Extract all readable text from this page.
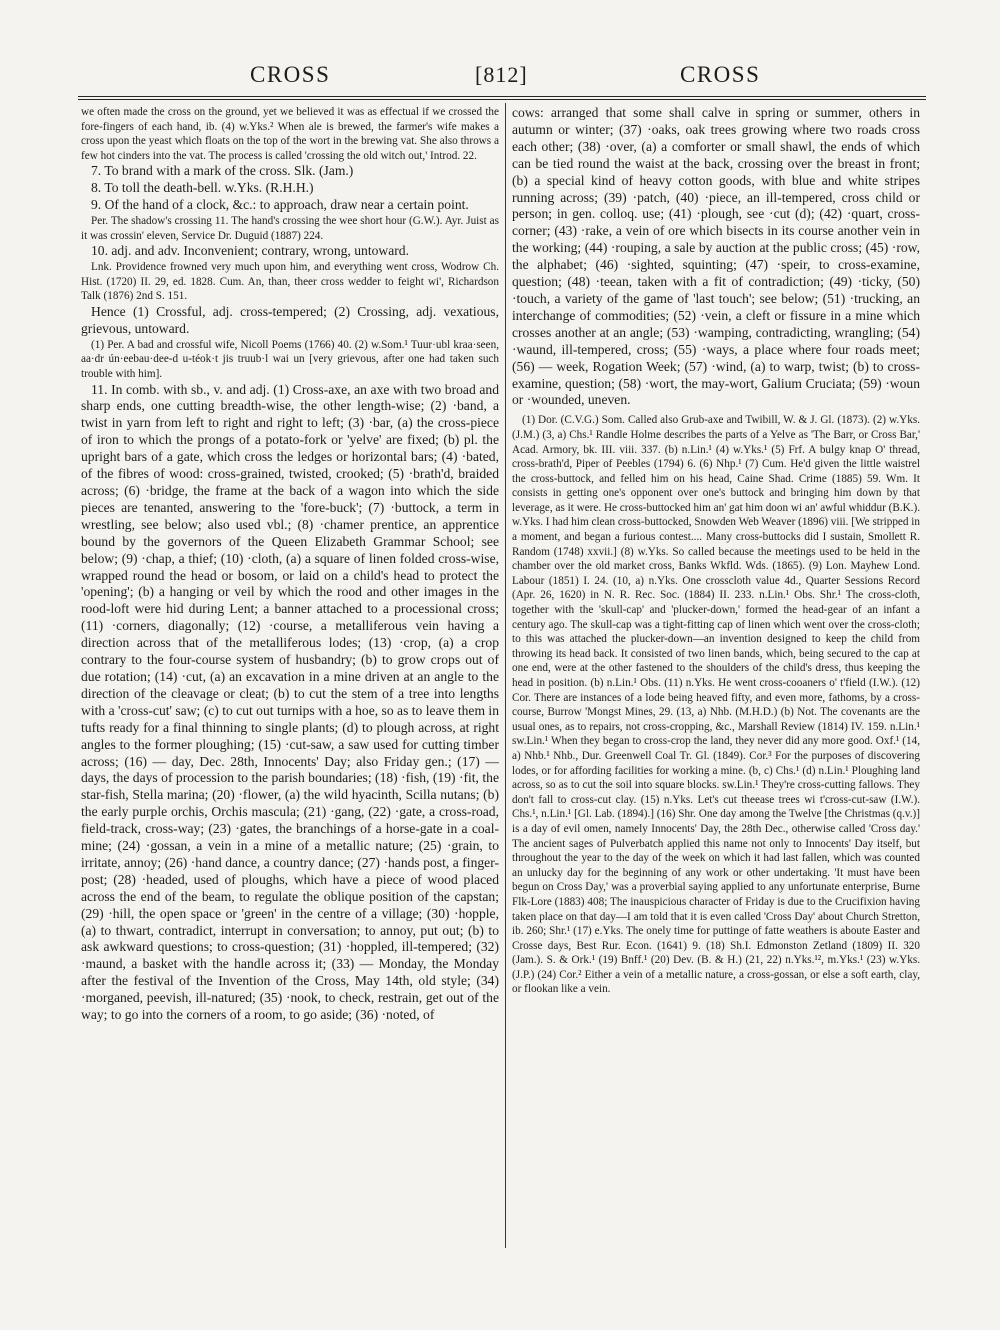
CROSS	[812]	CROSS

we often made the cross on the ground, yet we believed it was as effectual if we crossed the fore-fingers of each hand, ib. (4) w.Yks.² When ale is brewed, the farmer's wife makes a cross upon the yeast which floats on the top of the wort in the brewing vat. She also throws a few hot cinders into the vat. The process is called 'crossing the old witch out,' Introd. 22.

7. To brand with a mark of the cross. Slk. (Jam.)

8. To toll the death-bell. w.Yks. (R.H.H.)

9. Of the hand of a clock, &c.: to approach, draw near a certain point.

Per. The shadow's crossing 11. The hand's crossing the wee short hour (G.W.). Ayr. Juist as it was crossin' eleven, Service Dr. Duguid (1887) 224.

10. adj. and adv. Inconvenient; contrary, wrong, untoward.

Lnk. Providence frowned very much upon him, and everything went cross, Wodrow Ch. Hist. (1720) II. 29, ed. 1828. Cum. An, than, theer cross wedder to feight wi', Richardson Talk (1876) 2nd S. 151.

Hence (1) Crossful, adj. cross-tempered; (2) Crossing, adj. vexatious, grievous, untoward.

(1) Per. A bad and crossful wife, Nicoll Poems (1766) 40. (2) w.Som.¹ Tuur·ubl kraa·seen, aa·dr ún·eebau·dee-d u-téok·t jis truub·l wai un [very grievous, after one had taken such trouble with him].

11. In comb. with sb., v. and adj. (1) Cross-axe, an axe with two broad and sharp ends, one cutting breadth-wise, the other length-wise; (2) ·band, a twist in yarn from left to right and right to left; (3) ·bar, (a) the cross-piece of iron to which the prongs of a potato-fork or 'yelve' are fixed; (b) pl. the upright bars of a gate, which cross the ledges or horizontal bars; (4) ·bated, of the fibres of wood: cross-grained, twisted, crooked; (5) ·brath'd, braided across; (6) ·bridge, the frame at the back of a wagon into which the side pieces are tenanted, answering to the 'fore-buck'; (7) ·buttock, a term in wrestling, see below; also used vbl.; (8) ·chamer prentice, an apprentice bound by the governors of the Queen Elizabeth Grammar School; see below; (9) ·chap, a thief; (10) ·cloth, (a) a square of linen folded cross-wise, wrapped round the head or bosom, or laid on a child's head to protect the 'opening'; (b) a hanging or veil by which the rood and other images in the rood-loft were hid during Lent; a banner attached to a processional cross; (11) ·corners, diagonally; (12) ·course, a metalliferous vein having a direction across that of the metalliferous lodes; (13) ·crop, (a) a crop contrary to the four-course system of husbandry; (b) to grow crops out of due rotation; (14) ·cut, (a) an excavation in a mine driven at an angle to the direction of the cleavage or cleat; (b) to cut the stem of a tree into lengths with a 'cross-cut' saw; (c) to cut out turnips with a hoe, so as to leave them in tufts ready for a final thinning to single plants; (d) to plough across, at right angles to the former ploughing; (15) ·cut-saw, a saw used for cutting timber across; (16) — day, Dec. 28th, Innocents' Day; also Friday gen.; (17) — days, the days of procession to the parish boundaries; (18) ·fish, (19) ·fit, the star-fish, Stella marina; (20) ·flower, (a) the wild hyacinth, Scilla nutans; (b) the early purple orchis, Orchis mascula; (21) ·gang, (22) ·gate, a cross-road, field-track, cross-way; (23) ·gates, the branchings of a horse-gate in a coal-mine; (24) ·gossan, a vein in a mine of a metallic nature; (25) ·grain, to irritate, annoy; (26) ·hand dance, a country dance; (27) ·hands post, a finger-post; (28) ·headed, used of ploughs, which have a piece of wood placed across the end of the beam, to regulate the oblique position of the capstan; (29) ·hill, the open space or 'green' in the centre of a village; (30) ·hopple, (a) to thwart, contradict, interrupt in conversation; to annoy, put out; (b) to ask awkward questions; to cross-question; (31) ·hoppled, ill-tempered; (32) ·maund, a basket with the handle across it; (33) — Monday, the Monday after the festival of the Invention of the Cross, May 14th, old style; (34) ·morganed, peevish, ill-natured; (35) ·nook, to check, restrain, get out of the way; to go into the corners of a room, to go aside; (36) ·noted, of

cows: arranged that some shall calve in spring or summer, others in autumn or winter; (37) ·oaks, oak trees growing where two roads cross each other; (38) ·over, (a) a comforter or small shawl, the ends of which can be tied round the waist at the back, crossing over the breast in front; (b) a special kind of heavy cotton goods, with blue and white stripes running across; (39) ·patch, (40) ·piece, an ill-tempered, cross child or person; in gen. colloq. use; (41) ·plough, see ·cut (d); (42) ·quart, cross-corner; (43) ·rake, a vein of ore which bisects in its course another vein in the working; (44) ·rouping, a sale by auction at the public cross; (45) ·row, the alphabet; (46) ·sighted, squinting; (47) ·speir, to cross-examine, question; (48) ·teean, taken with a fit of contradiction; (49) ·ticky, (50) ·touch, a variety of the game of 'last touch'; see below; (51) ·trucking, an interchange of commodities; (52) ·vein, a cleft or fissure in a mine which crosses another at an angle; (53) ·wamping, contradicting, wrangling; (54) ·waund, ill-tempered, cross; (55) ·ways, a place where four roads meet; (56) — week, Rogation Week; (57) ·wind, (a) to warp, twist; (b) to cross-examine, question; (58) ·wort, the may-wort, Galium Cruciata; (59) ·woun or ·wounded, uneven.

(1) Dor. (C.V.G.) Som. Called also Grub-axe and Twibill, W. & J. Gl. (1873). (2) w.Yks. (J.M.) (3, a) Chs.¹ Randle Holme describes the parts of a Yelve as 'The Barr, or Cross Bar,' Acad. Armory, bk. III. viii. 337. (b) n.Lin.¹ (4) w.Yks.¹ (5) Frf. A bulgy knap O' thread, cross-brath'd, Piper of Peebles (1794) 6. (6) Nhp.¹ (7) Cum. He'd given the little waistrel the cross-buttock, and felled him on his head, Caine Shad. Crime (1885) 59. Wm. It consists in getting one's opponent over one's buttock and bringing him down by that leverage, as it were. He cross-buttocked him an' gat him doon wi an' awful whiddur (B.K.). w.Yks. I had him clean cross-buttocked, Snowden Web Weaver (1896) viii. [We stripped in a moment, and began a furious contest.... Many cross-buttocks did I sustain, Smollett R. Random (1748) xxvii.] (8) w.Yks. So called because the meetings used to be held in the chamber over the old market cross, Banks Wkfld. Wds. (1865). (9) Lon. Mayhew Lond. Labour (1851) I. 24. (10, a) n.Yks. One crosscloth value 4d., Quarter Sessions Record (Apr. 26, 1620) in N. R. Rec. Soc. (1884) II. 233. n.Lin.¹ Obs. Shr.¹ The cross-cloth, together with the 'skull-cap' and 'plucker-down,' formed the head-gear of an infant a century ago. The skull-cap was a tight-fitting cap of linen which went over the cross-cloth; to this was attached the plucker-down—an invention designed to keep the child from throwing its head back. It consisted of two linen bands, which, being secured to the cap at one end, were at the other fastened to the shoulders of the child's dress, thus keeping the head in position. (b) n.Lin.¹ Obs. (11) n.Yks. He went cross-cooaners o' t'field (I.W.). (12) Cor. There are instances of a lode being heaved fifty, and even more, fathoms, by a cross-course, Burrow 'Mongst Mines, 29. (13, a) Nhb. (M.H.D.) (b) Not. The covenants are the usual ones, as to repairs, not cross-cropping, &c., Marshall Review (1814) IV. 159. n.Lin.¹ sw.Lin.¹ When they began to cross-crop the land, they never did any more good. Oxf.¹ (14, a) Nhb.¹ Nhb., Dur. Greenwell Coal Tr. Gl. (1849). Cor.³ For the purposes of discovering lodes, or for affording facilities for working a mine. (b, c) Chs.¹ (d) n.Lin.¹ Ploughing land across, so as to cut the soil into square blocks. sw.Lin.¹ They're cross-cutting fallows. They don't fall to cross-cut clay. (15) n.Yks. Let's cut theease trees wi t'cross-cut-saw (I.W.). Chs.¹, n.Lin.¹ [Gl. Lab. (1894).] (16) Shr. One day among the Twelve [the Christmas (q.v.)] is a day of evil omen, namely Innocents' Day, the 28th Dec., otherwise called 'Cross day.' The ancient sages of Pulverbatch applied this name not only to Innocents' Day itself, but throughout the year to the day of the week on which it had last fallen, which was counted an unlucky day for the beginning of any work or other undertaking. 'It must have been begun on Cross Day,' was a proverbial saying applied to any unfortunate enterprise, Burne Flk-Lore (1883) 408; The inauspicious character of Friday is due to the Crucifixion having taken place on that day—I am told that it is even called 'Cross Day' about Church Stretton, ib. 260; Shr.¹ (17) e.Yks. The onely time for puttinge of fatte weathers is aboute Easter and Crosse days, Best Rur. Econ. (1641) 9. (18) Sh.I. Edmonston Zetland (1809) II. 320 (Jam.). S. & Ork.¹ (19) Bnff.¹ (20) Dev. (B. & H.) (21, 22) n.Yks.¹², m.Yks.¹ (23) w.Yks. (J.P.) (24) Cor.² Either a vein of a metallic nature, a cross-gossan, or else a soft earth, clay, or flookan like a vein.
